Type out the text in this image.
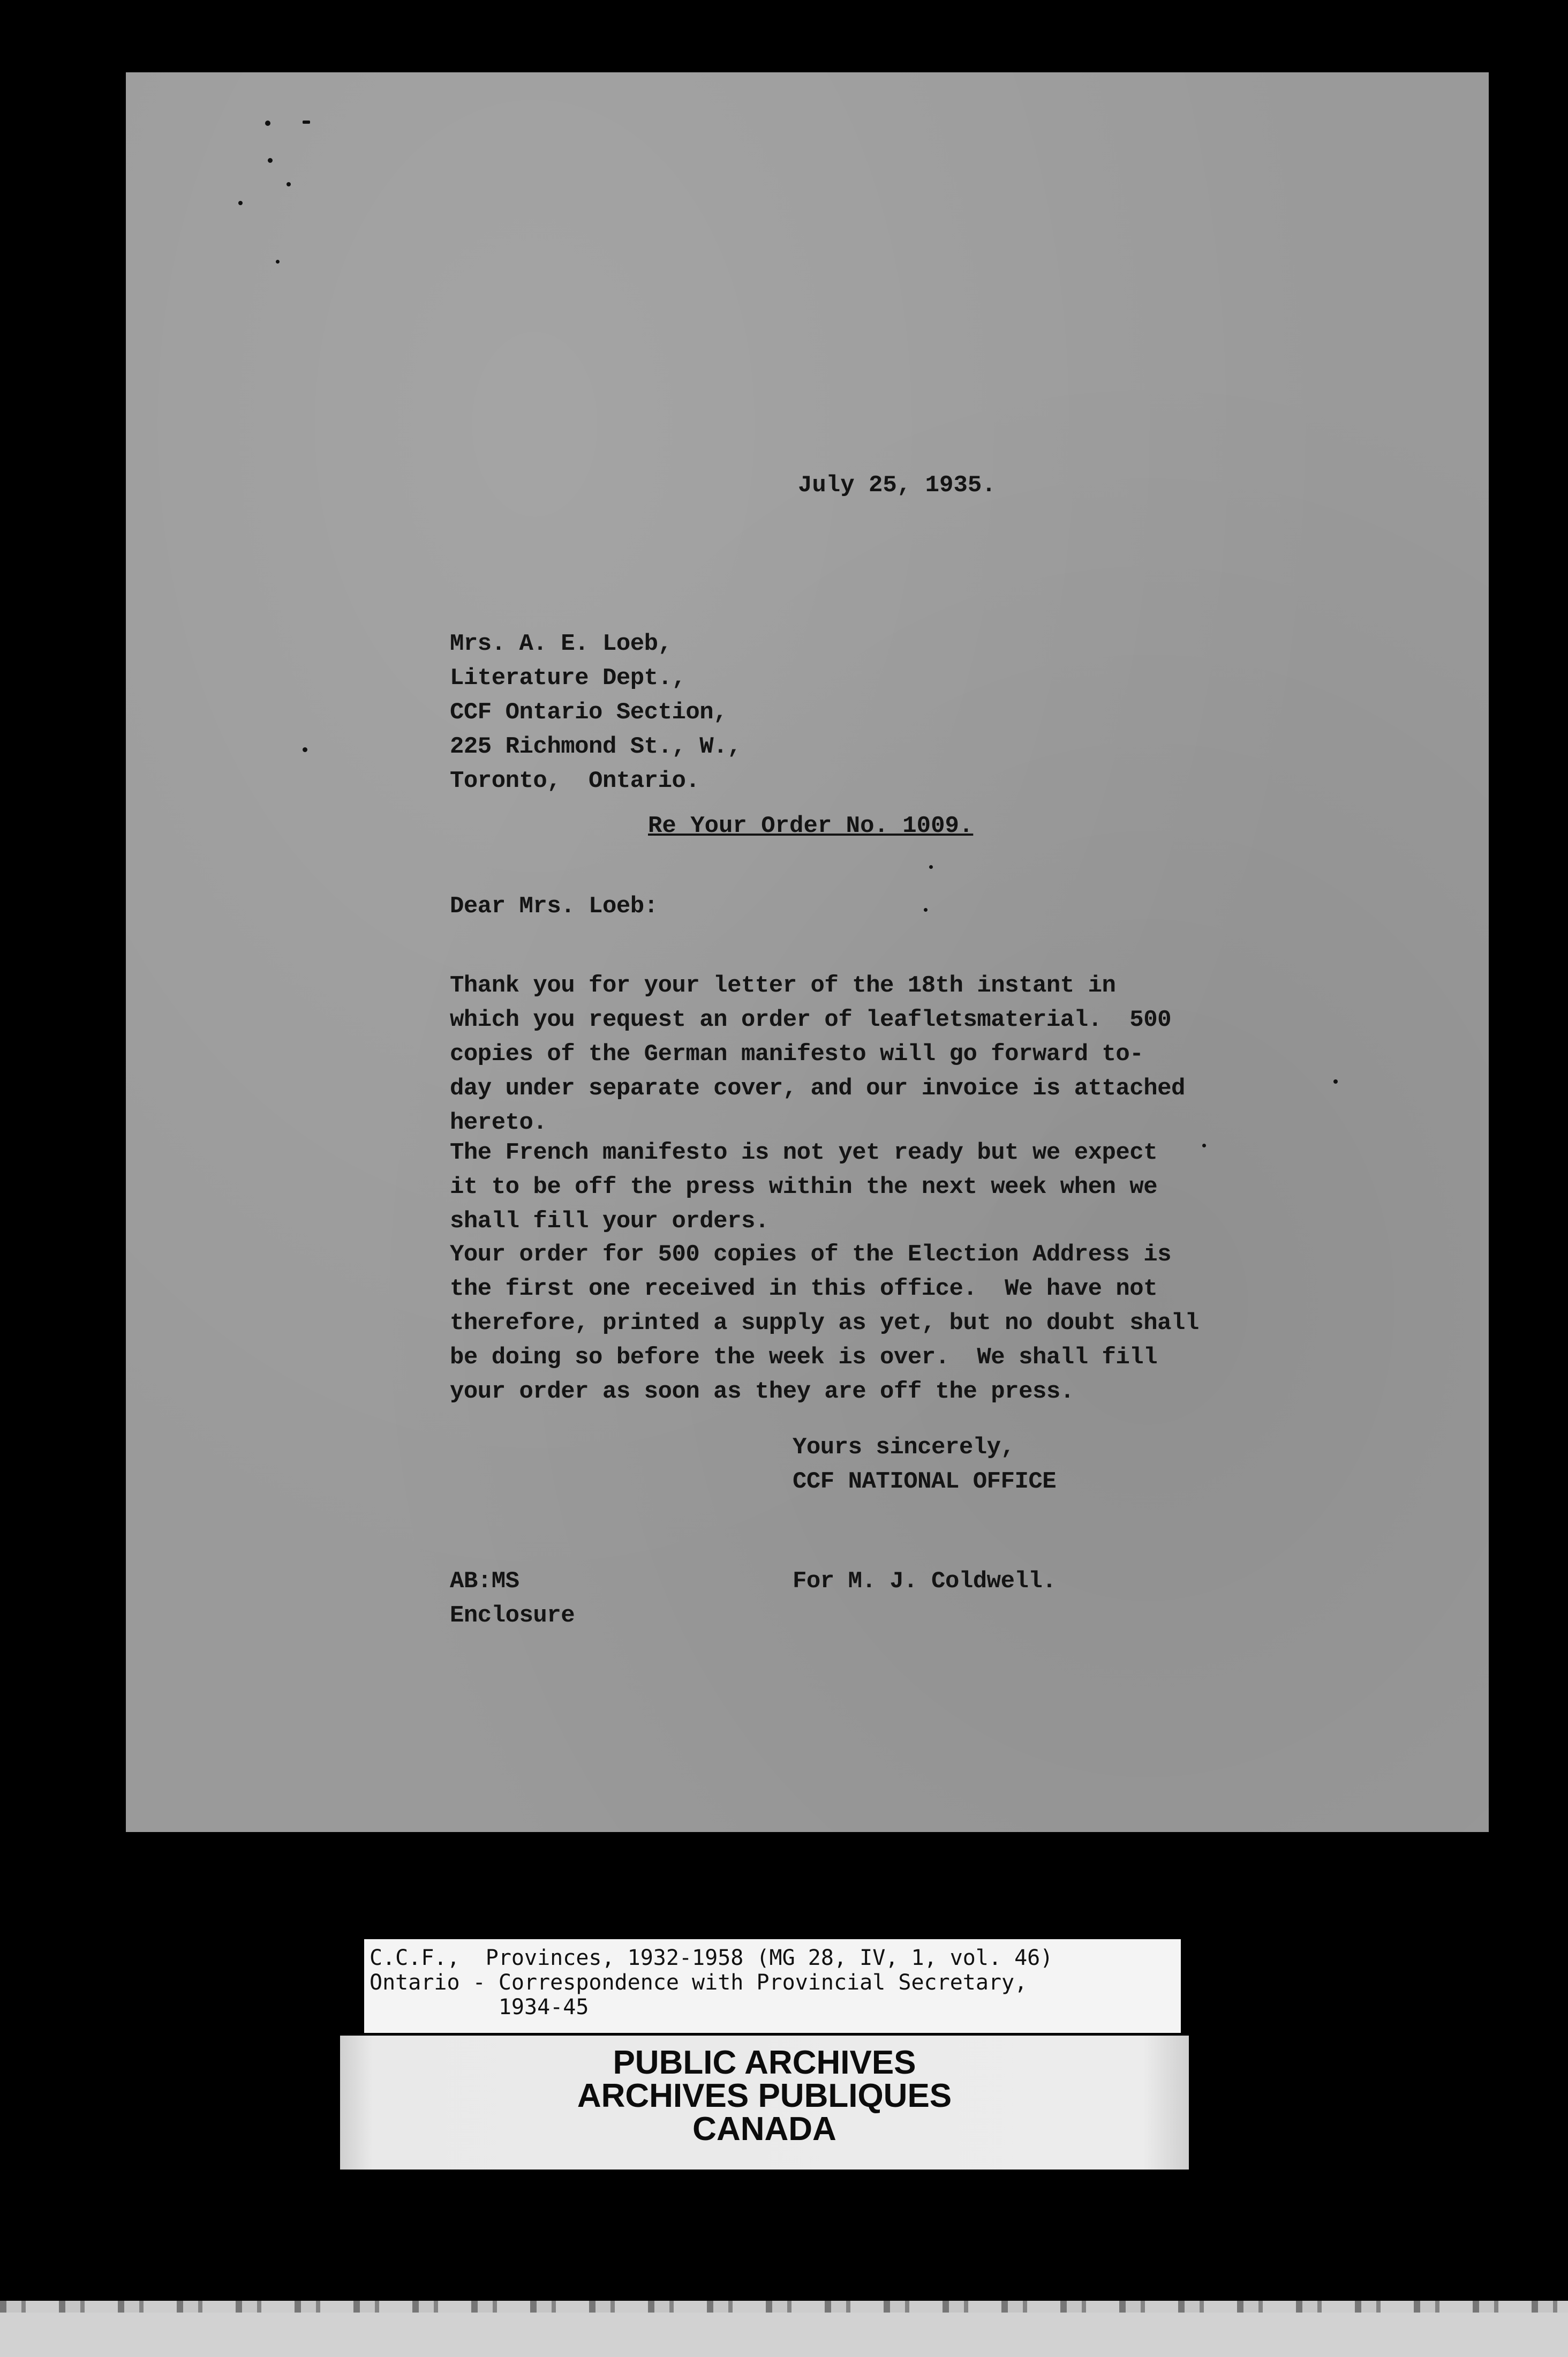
July 25, 1935.
Mrs. A. E. Loeb,
Literature Dept.,
CCF Ontario Section,
225 Richmond St., W.,
Toronto,  Ontario.
Re Your Order No. 1009.
Dear Mrs. Loeb:
Thank you for your letter of the 18th instant in
which you request an order of leafletsmaterial.  500
copies of the German manifesto will go forward to-
day under separate cover, and our invoice is attached
hereto.
The French manifesto is not yet ready but we expect
it to be off the press within the next week when we
shall fill your orders.
Your order for 500 copies of the Election Address is
the first one received in this office.  We have not
therefore, printed a supply as yet, but no doubt shall
be doing so before the week is over.  We shall fill
your order as soon as they are off the press.
Yours sincerely,
CCF NATIONAL OFFICE
AB:MS
Enclosure
For M. J. Coldwell.
C.C.F.,  Provinces, 1932-1958 (MG 28, IV, 1, vol. 46)
Ontario - Correspondence with Provincial Secretary,
1934-45
PUBLIC ARCHIVES
ARCHIVES PUBLIQUES
CANADA
